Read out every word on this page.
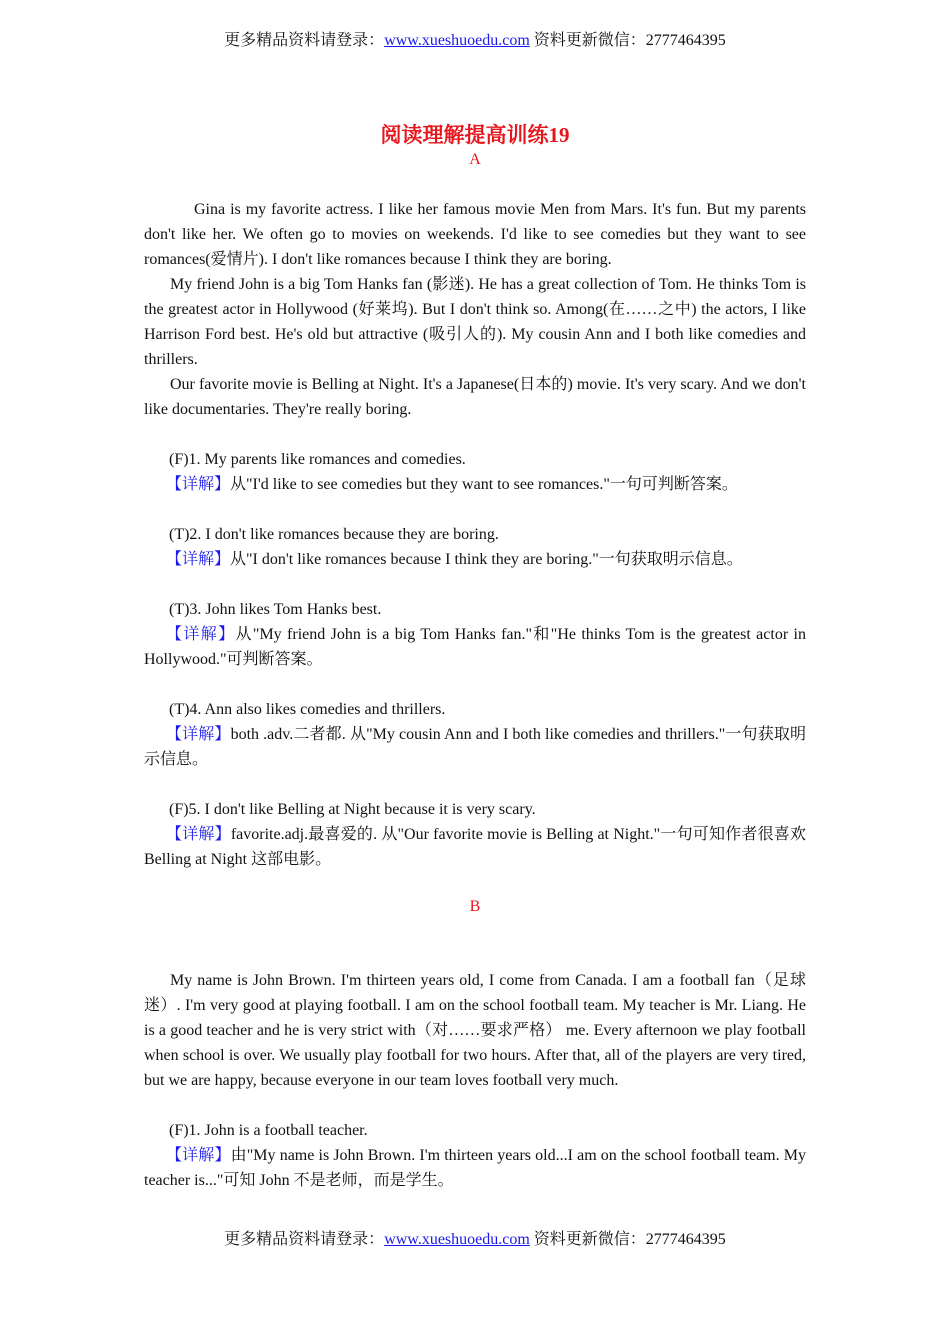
更多精品资料请登录：www.xueshuoedu.com 资料更新微信：2777464395
阅读理解提高训练19
A

Gina is my favorite actress. I like her famous movie Men from Mars. It's fun. But my parents don't like her. We often go to movies on weekends. I'd like to see comedies but they want to see romances(爱情片). I don't like romances because I think they are boring.

My friend John is a big Tom Hanks fan (影迷). He has a great collection of Tom. He thinks Tom is the greatest actor in Hollywood (好莱坞). But I don't think so. Among(在……之中) the actors, I like Harrison Ford best. He's old but attractive (吸引人的). My cousin Ann and I both like comedies and thrillers.

Our favorite movie is Belling at Night. It's a Japanese(日本的) movie. It's very scary. And we don't like documentaries. They're really boring.

(F)1. My parents like romances and comedies.

【详解】从"I'd like to see comedies but they want to see romances."一句可判断答案。

(T)2. I don't like romances because they are boring.

【详解】从"I don't like romances because I think they are boring."一句获取明示信息。

(T)3. John likes Tom Hanks best.

【详解】从"My friend John is a big Tom Hanks fan."和"He thinks Tom is the greatest actor in Hollywood."可判断答案。

(T)4. Ann also likes comedies and thrillers.

【详解】both .adv.二者都. 从"My cousin Ann and I both like comedies and thrillers."一句获取明示信息。

(F)5. I don't like Belling at Night because it is very scary.

【详解】favorite.adj.最喜爱的. 从"Our favorite movie is Belling at Night."一句可知作者很喜欢 Belling at Night 这部电影。

B

My name is John Brown. I'm thirteen years old, I come from Canada. I am a football fan（足球迷）. I'm very good at playing football. I am on the school football team. My teacher is Mr. Liang. He is a good teacher and he is very strict with（对……要求严格） me. Every afternoon we play football when school is over. We usually play football for two hours. After that, all of the players are very tired, but we are happy, because everyone in our team loves football very much.

(F)1. John is a football teacher.

【详解】由"My name is John Brown. I'm thirteen years old...I am on the school football team. My teacher is..."可知 John 不是老师，而是学生。

更多精品资料请登录：www.xueshuoedu.com 资料更新微信：2777464395
